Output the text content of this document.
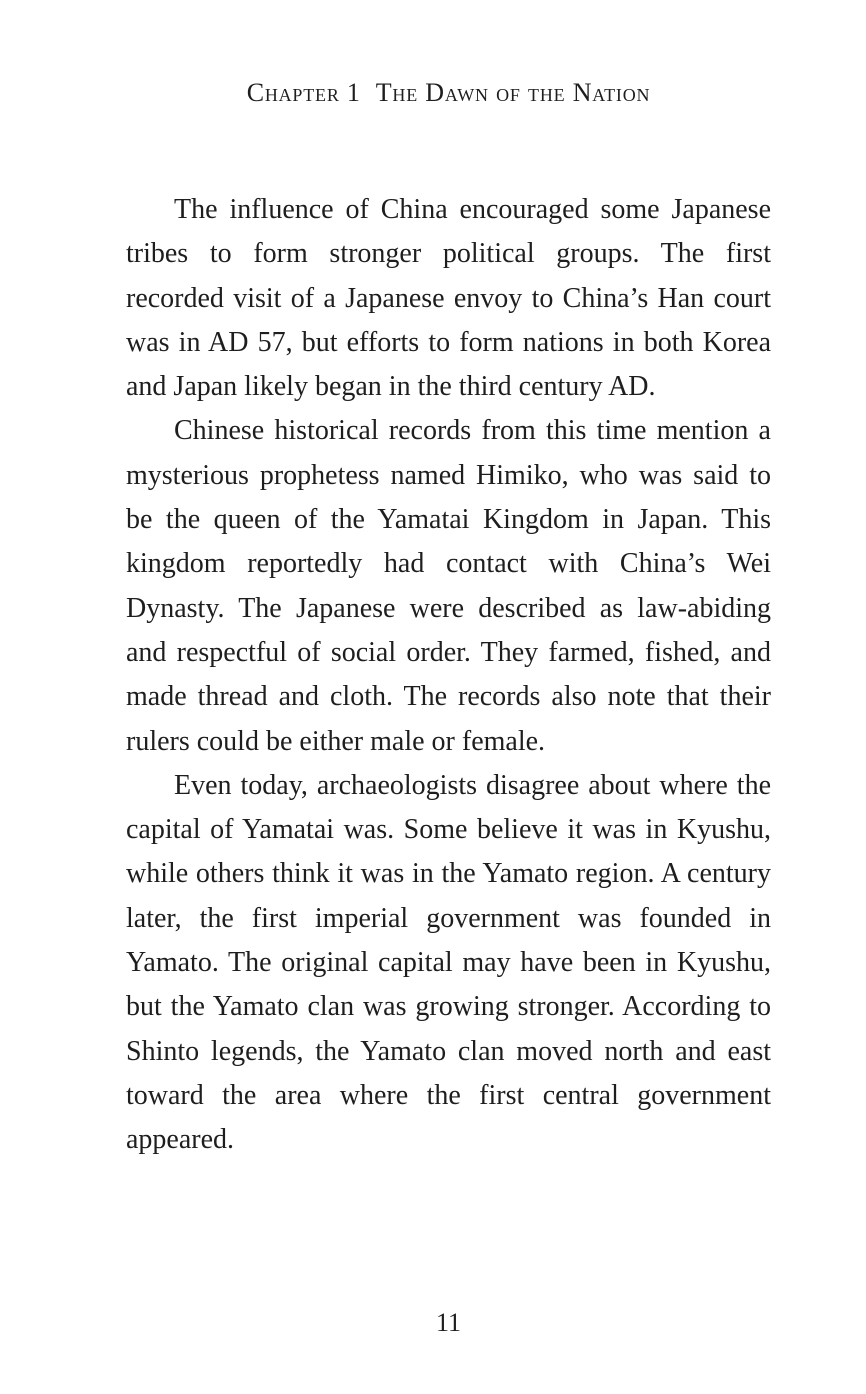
Chapter 1 The Dawn of the Nation

The influence of China encouraged some Japanese tribes to form stronger political groups. The first recorded visit of a Japanese envoy to China’s Han court was in AD 57, but efforts to form nations in both Korea and Japan likely began in the third century AD.

Chinese historical records from this time mention a mysterious prophetess named Himiko, who was said to be the queen of the Yamatai Kingdom in Japan. This kingdom reportedly had contact with China’s Wei Dynasty. The Japanese were described as law-abiding and respectful of social order. They farmed, fished, and made thread and cloth. The records also note that their rulers could be either male or female.

Even today, archaeologists disagree about where the capital of Yamatai was. Some believe it was in Kyushu, while others think it was in the Yamato region. A century later, the first imperial government was founded in Yamato. The original capital may have been in Kyushu, but the Yamato clan was growing stronger. According to Shinto legends, the Yamato clan moved north and east toward the area where the first central government appeared.

11
